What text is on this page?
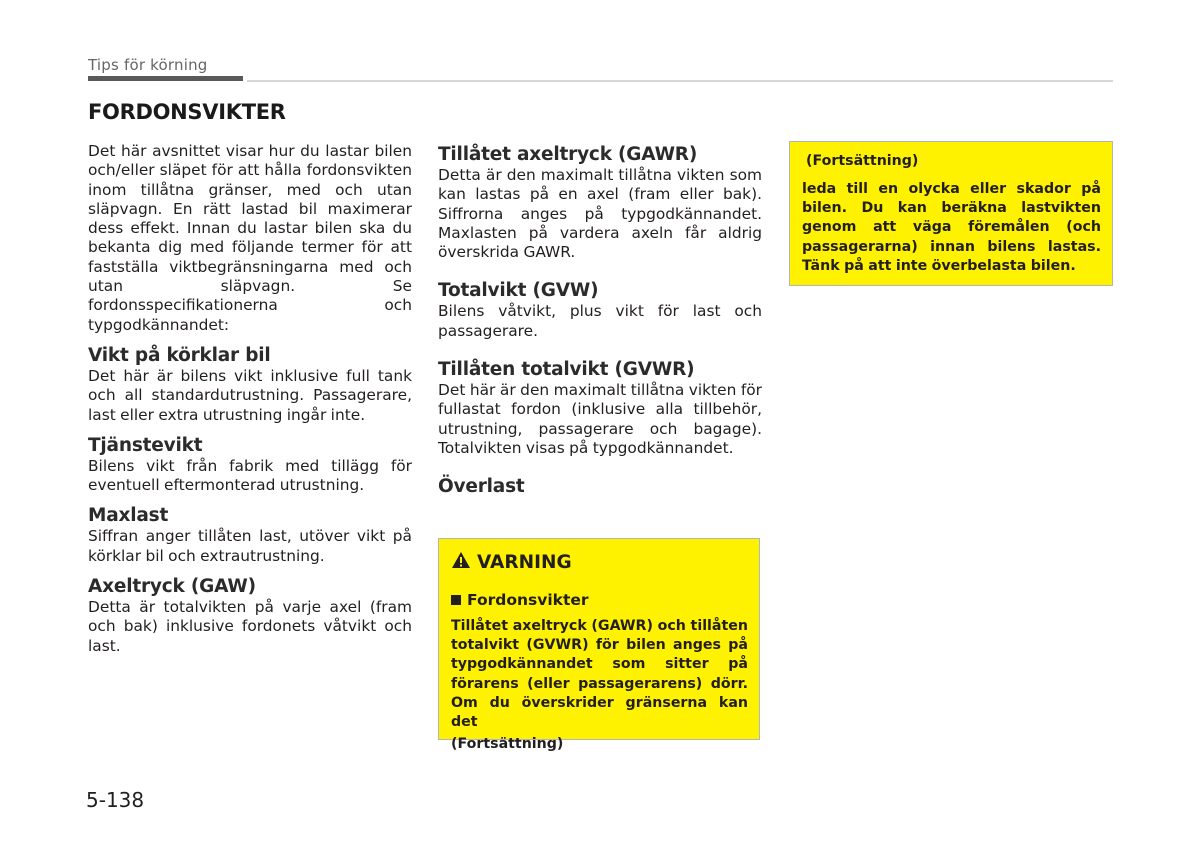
Tips för körning
FORDONSVIKTER

Det här avsnittet visar hur du lastar bilen och/eller släpet för att hålla fordonsvikten inom tillåtna gränser, med och utan släpvagn. En rätt lastad bil maximerar dess effekt. Innan du lastar bilen ska du bekanta dig med följande termer för att fastställa viktbegränsningarna med och utan släpvagn. Se fordonsspecifikationerna och typgodkännandet:

Vikt på körklar bil

Det här är bilens vikt inklusive full tank och all standardutrustning. Passagerare, last eller extra utrustning ingår inte.

Tjänstevikt

Bilens vikt från fabrik med tillägg för eventuell eftermonterad utrustning.

Maxlast

Siffran anger tillåten last, utöver vikt på körklar bil och extrautrustning.

Axeltryck (GAW)

Detta är totalvikten på varje axel (fram och bak) inklusive fordonets våtvikt och last.

Tillåtet axeltryck (GAWR)

Detta är den maximalt tillåtna vikten som kan lastas på en axel (fram eller bak). Siffrorna anges på typgodkännandet. Maxlasten på vardera axeln får aldrig överskrida GAWR.

Totalvikt (GVW)

Bilens våtvikt, plus vikt för last och passagerare.

Tillåten totalvikt (GVWR)

Det här är den maximalt tillåtna vikten för fullastat fordon (inklusive alla tillbehör, utrustning, passagerare och bagage). Totalvikten visas på typgodkännandet.

Överlast
VARNING
Fordonsvikter

Tillåtet axeltryck (GAWR) och tillåten totalvikt (GVWR) för bilen anges på typgodkännandet som sitter på förarens (eller passagerarens) dörr. Om du överskrider gränserna kan det

(Fortsättning)
(Fortsättning)

leda till en olycka eller skador på bilen. Du kan beräkna lastvikten genom att väga föremålen (och passagerarna) innan bilens lastas. Tänk på att inte överbelasta bilen.

5-138
